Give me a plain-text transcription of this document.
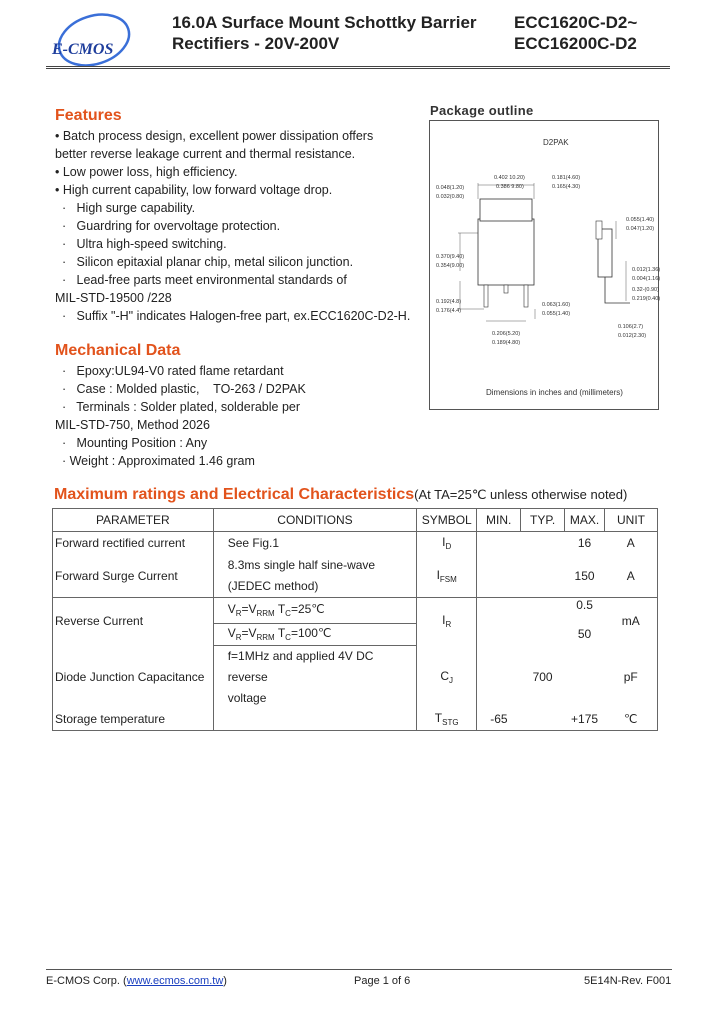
E-CMOS
16.0A Surface Mount Schottky Barrier
Rectifiers - 20V-200V
ECC1620C-D2~
ECC16200C-D2
Features
• Batch process design, excellent power dissipation offers
better reverse leakage current and thermal resistance.
• Low power loss, high efficiency.
• High current capability, low forward voltage drop.
·   High surge capability.
·   Guardring for overvoltage protection.
·   Ultra high-speed switching.
·   Silicon epitaxial planar chip, metal silicon junction.
·   Lead-free parts meet environmental standards of
MIL-STD-19500 /228
·   Suffix "-H" indicates Halogen-free part, ex.ECC1620C-D2-H.
Mechanical Data
·   Epoxy:UL94-V0 rated flame retardant
·   Case : Molded plastic,    TO-263 / D2PAK
·   Terminals : Solder plated, solderable per
MIL-STD-750, Method 2026
·   Mounting Position : Any
· Weight : Approximated 1.46 gram
Package outline
D2PAK
0.402 10.20)
0.386 9.80)
0.181(4.60)
0.165(4.30)
0.048(1.20)
0.032(0.80)
0.055(1.40)
0.047(1.20)
0.370(9.40)
0.354(9.00)
0.012(1.36)
0.004(1.16)
0.32-(0.90)
0.219(0.40)
0.192(4.8)
0.176(4.4)
0.063(1.60)
0.055(1.40)
0.206(5.20)
0.189(4.80)
0.106(2.7)
0.012(2.30)
Dimensions in inches and (millimeters)
Maximum ratings and Electrical Characteristics(At TA=25℃ unless otherwise noted)
PARAMETER	CONDITIONS	SYMBOL	MIN.	TYP.	MAX.	UNIT
Forward rectified current	See Fig.1	$I_D$			16	A
Forward Surge Current	8.3ms single half sine-wave
(JEDEC method)	$I_{FSM}$			150	A
Reverse Current	$V_R=V_{RRM}$ $T_C=25℃$	$I_R$			0.5	mA
	$V_R=V_{RRM}$ $T_C=100℃$				50	
Diode Junction Capacitance	f=1MHz and applied 4V DC reverse
voltage	$C_J$		700		pF
Storage temperature		$T_{STG}$	-65		+175	℃
E-CMOS Corp. (www.ecmos.com.tw)	Page 1 of 6	5E14N-Rev. F001
